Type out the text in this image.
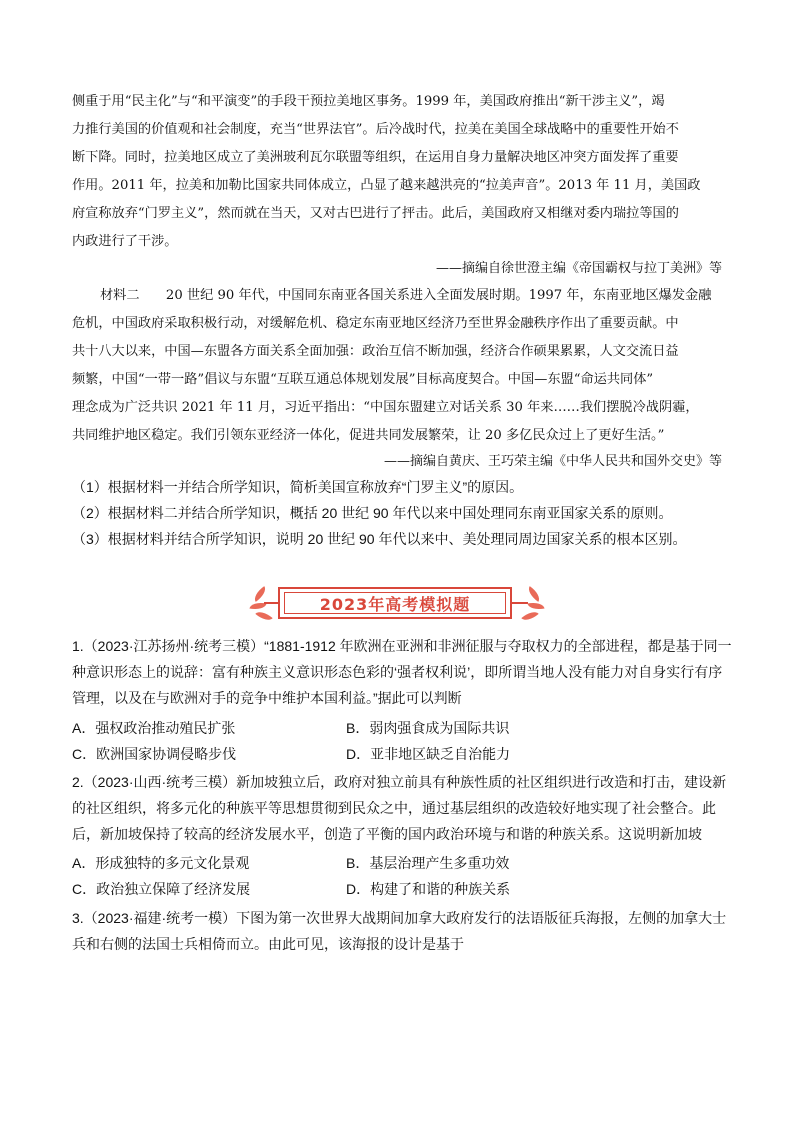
侧重于用“民主化”与“和平演变”的手段干预拉美地区事务。1999 年，美国政府推出“新干涉主义”，竭

力推行美国的价值观和社会制度，充当“世界法官”。后冷战时代，拉美在美国全球战略中的重要性开始不

断下降。同时，拉美地区成立了美洲玻利瓦尔联盟等组织，在运用自身力量解决地区冲突方面发挥了重要

作用。2011 年，拉美和加勒比国家共同体成立，凸显了越来越洪亮的“拉美声音”。2013 年 11 月，美国政

府宣称放弃“门罗主义”，然而就在当天，又对古巴进行了抨击。此后，美国政府又相继对委内瑞拉等国的

内政进行了干涉。

——摘编自徐世澄主编《帝国霸权与拉丁美洲》等

材料二　　20 世纪 90 年代，中国同东南亚各国关系进入全面发展时期。1997 年，东南亚地区爆发金融

危机，中国政府采取积极行动，对缓解危机、稳定东南亚地区经济乃至世界金融秩序作出了重要贡献。中

共十八大以来，中国—东盟各方面关系全面加强：政治互信不断加强，经济合作硕果累累，人文交流日益

频繁，中国“一带一路”倡议与东盟“互联互通总体规划发展”目标高度契合。中国—东盟“命运共同体”

理念成为广泛共识 2021 年 11 月，习近平指出：“中国东盟建立对话关系 30 年来……我们摆脱冷战阴霾，

共同维护地区稳定。我们引领东亚经济一体化，促进共同发展繁荣，让 20 多亿民众过上了更好生活。”

——摘编自黄庆、王巧荣主编《中华人民共和国外交史》等

（1）根据材料一并结合所学知识，简析美国宣称放弃“门罗主义”的原因。

（2）根据材料二并结合所学知识，概括 20 世纪 90 年代以来中国处理同东南亚国家关系的原则。

（3）根据材料并结合所学知识，说明 20 世纪 90 年代以来中、美处理同周边国家关系的根本区别。

2023年高考模拟题

1.（2023·江苏扬州·统考三模）“1881-1912 年欧洲在亚洲和非洲征服与夺取权力的全部进程，都是基于同一

种意识形态上的说辞：富有种族主义意识形态色彩的‘强者权利说’，即所谓当地人没有能力对自身实行有序

管理，以及在与欧洲对手的竞争中维护本国利益。”据此可以判断

A．强权政治推动殖民扩张	B．弱肉强食成为国际共识
C．欧洲国家协调侵略步伐	D．亚非地区缺乏自治能力

2.（2023·山西·统考三模）新加坡独立后，政府对独立前具有种族性质的社区组织进行改造和打击，建设新

的社区组织，将多元化的种族平等思想贯彻到民众之中，通过基层组织的改造较好地实现了社会整合。此

后，新加坡保持了较高的经济发展水平，创造了平衡的国内政治环境与和谐的种族关系。这说明新加坡

A．形成独特的多元文化景观	B．基层治理产生多重功效
C．政治独立保障了经济发展	D．构建了和谐的种族关系

3.（2023·福建·统考一模）下图为第一次世界大战期间加拿大政府发行的法语版征兵海报，左侧的加拿大士

兵和右侧的法国士兵相倚而立。由此可见，该海报的设计是基于
